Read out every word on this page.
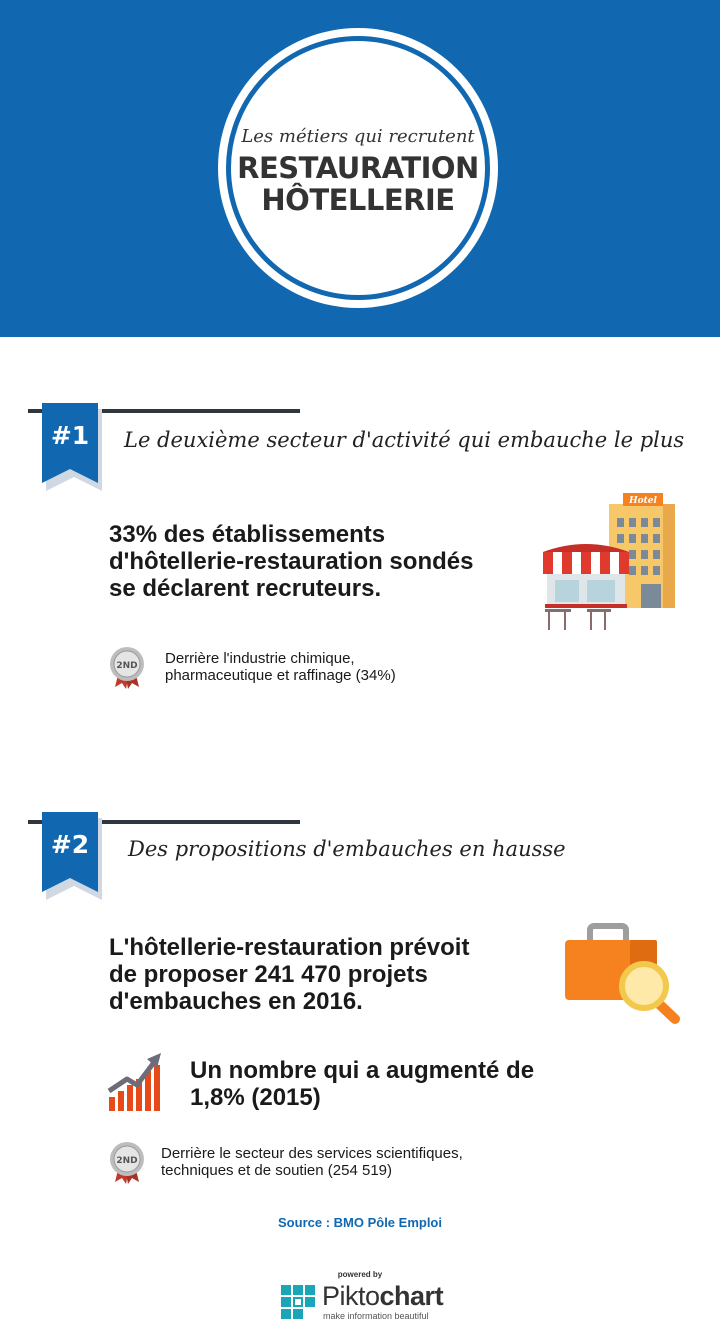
Les métiers qui recrutent
RESTAURATION
HÔTELLERIE
#1	Le deuxième secteur d'activité qui embauche le plus

33% des établissements
d'hôtellerie-restauration sondés
se déclarent recruteurs.

Hotel
2ND Derrière l'industrie chimique,
pharmaceutique et raffinage (34%)

#2	Des propositions d'embauches en hausse

L'hôtellerie-restauration prévoit
de proposer 241 470 projets
d'embauches en 2016.

Un nombre qui a augmenté de
1,8% (2015)

2ND Derrière le secteur des services scientifiques,
techniques et de soutien (254 519)

Source : BMO Pôle Emploi
powered by
Piktochart
make information beautiful
